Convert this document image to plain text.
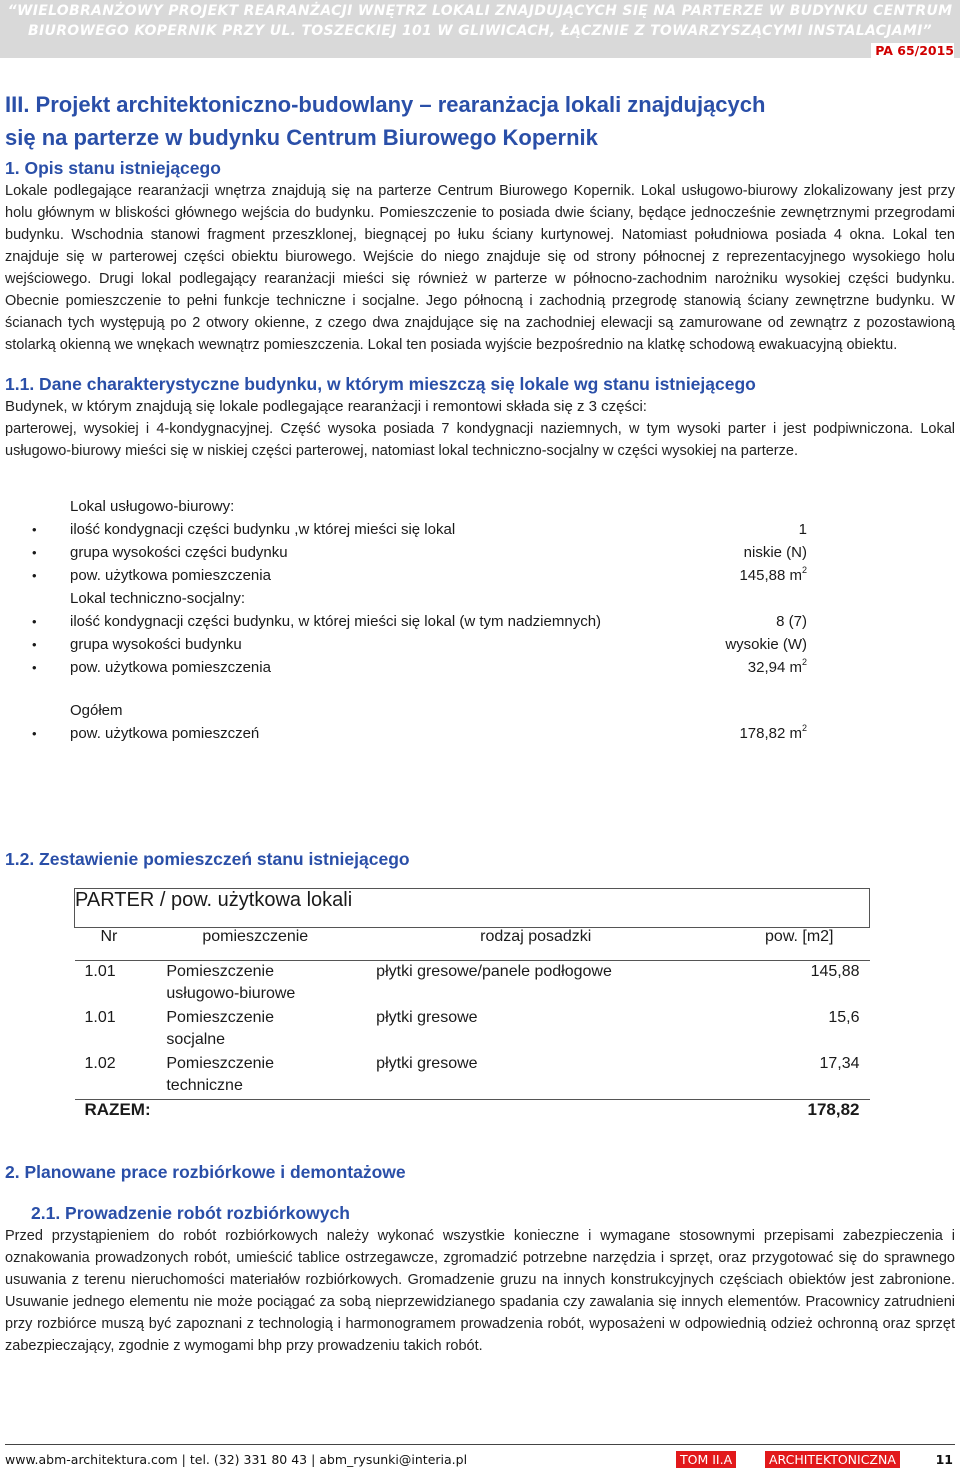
“WIELOBRANŻOWY PROJEKT REARANŻACJI WNĘTRZ LOKALI ZNAJDUJĄCYCH SIĘ NA PARTERZE W BUDYNKU CENTRUM
BIUROWEGO KOPERNIK PRZY UL. TOSZECKIEJ 101 W GLIWICACH, ŁĄCZNIE Z TOWARZYSZĄCYMI INSTALACJAMI”
PA 65/2015
III. Projekt architektoniczno-budowlany – rearanżacja lokali znajdujących
się na parterze w budynku Centrum Biurowego Kopernik
1. Opis stanu istniejącego

Lokale podlegające rearanżacji wnętrza znajdują się na parterze Centrum Biurowego Kopernik. Lokal usługowo-biurowy zlokalizowany jest przy holu głównym w bliskości głównego wejścia do budynku. Pomieszczenie to posiada dwie ściany, będące jednocześnie zewnętrznymi przegrodami budynku. Wschodnia stanowi fragment przeszklonej, biegnącej po łuku ściany kurtynowej. Natomiast południowa posiada 4 okna. Lokal ten znajduje się w parterowej części obiektu biurowego. Wejście do niego znajduje się od strony północnej z reprezentacyjnego wysokiego holu wejściowego. Drugi lokal podlegający rearanżacji mieści się również w parterze w północno-zachodnim narożniku wysokiej części budynku. Obecnie pomieszczenie to pełni funkcje techniczne i socjalne. Jego północną i zachodnią przegrodę stanowią ściany zewnętrzne budynku. W ścianach tych występują po 2 otwory okienne, z czego dwa znajdujące się na zachodniej elewacji są zamurowane od zewnątrz z pozostawioną stolarką okienną we wnękach wewnątrz pomieszczenia. Lokal ten posiada wyjście bezpośrednio na klatkę schodową ewakuacyjną obiektu.

1.1. Dane charakterystyczne budynku, w którym mieszczą się lokale wg stanu istniejącego

Budynek, w którym znajdują się lokale podlegające rearanżacji i remontowi składa się z 3 części:

parterowej, wysokiej i 4-kondygnacyjnej. Część wysoka posiada 7 kondygnacji naziemnych, w tym wysoki parter i jest podpiwniczona. Lokal usługowo-biurowy mieści się w niskiej części parterowej, natomiast lokal techniczno-socjalny w części wysokiej na parterze.

Lokal usługowo-biurowy:
• ilość kondygnacji części budynku ,w której mieści się lokal	1
• grupa wysokości części budynku	niskie (N)
• pow. użytkowa pomieszczenia	145,88 $m^2$
Lokal techniczno-socjalny:
• ilość kondygnacji części budynku, w której mieści się lokal (w tym nadziemnych)	8 (7)
• grupa wysokości budynku	wysokie (W)
• pow. użytkowa pomieszczenia	32,94 $m^2$
Ogółem
• pow. użytkowa pomieszczeń	178,82 $m^2$
1.2. Zestawienie pomieszczeń stanu istniejącego
PARTER / pow. użytkowa lokali			
Nr	pomieszczenie	rodzaj posadzki	pow. [m2]
1.01	Pomieszczenie
usługowo-biurowe	płytki gresowe/panele podłogowe	145,88
1.01	Pomieszczenie
socjalne	płytki gresowe	15,6
1.02	Pomieszczenie
techniczne	płytki gresowe	17,34
RAZEM:			178,82
2. Planowane prace rozbiórkowe i demontażowe
2.1. Prowadzenie robót rozbiórkowych

Przed przystąpieniem do robót rozbiórkowych należy wykonać wszystkie konieczne i wymagane stosownymi przepisami zabezpieczenia i oznakowania prowadzonych robót, umieścić tablice ostrzegawcze, zgromadzić potrzebne narzędzia i sprzęt, oraz przygotować się do sprawnego usuwania z terenu nieruchomości materiałów rozbiórkowych. Gromadzenie gruzu na innych konstrukcyjnych częściach obiektów jest zabronione. Usuwanie jednego elementu nie może pociągać za sobą nieprzewidzianego spadania czy zawalania się innych elementów. Pracownicy zatrudnieni przy rozbiórce muszą być zapoznani z technologią i harmonogramem prowadzenia robót, wyposażeni w odpowiednią odzież ochronną oraz sprzęt zabezpieczający, zgodnie z wymogami bhp przy prowadzeniu takich robót.

www.abm-architektura.com | tel. (32) 331 80 43 | abm_rysunki@interia.pl	TOM II.A	ARCHITEKTONICZNA	11
